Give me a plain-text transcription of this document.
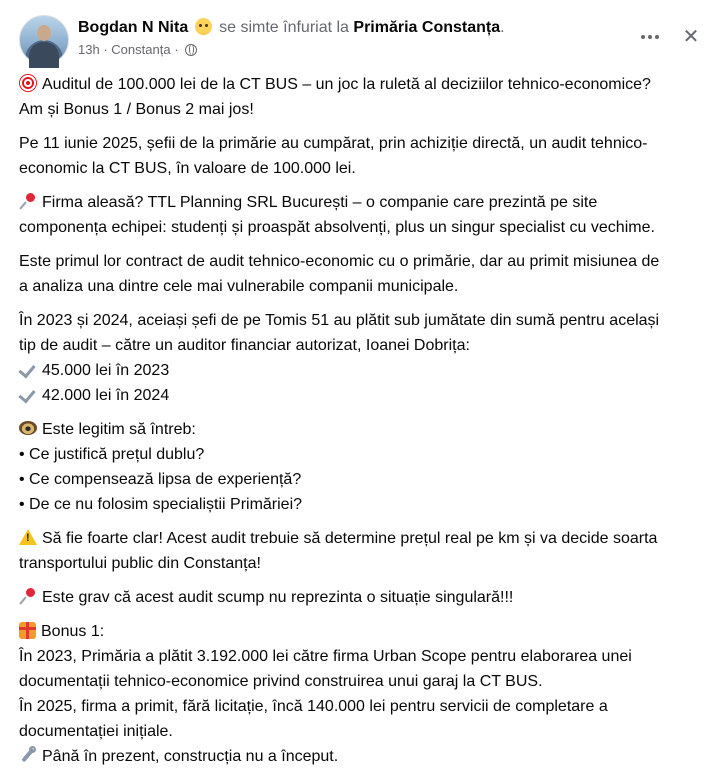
Bogdan N Nita se simte înfuriat la Primăria Constanța.
13h · Constanța ·
✕
Auditul de 100.000 lei de la CT BUS – un joc la ruletă al deciziilor tehnico-economice?
Am și Bonus 1 / Bonus 2 mai jos!
Pe 11 iunie 2025, șefii de la primărie au cumpărat, prin achiziție directă, un audit tehnico-
economic la CT BUS, în valoare de 100.000 lei.
Firma aleasă? TTL Planning SRL București – o companie care prezintă pe site
componența echipei: studenți și proaspăt absolvenți, plus un singur specialist cu vechime.
Este primul lor contract de audit tehnico-economic cu o primărie, dar au primit misiunea de
a analiza una dintre cele mai vulnerabile companii municipale.
În 2023 și 2024, aceiași șefi de pe Tomis 51 au plătit sub jumătate din sumă pentru același
tip de audit – către un auditor financiar autorizat, Ioanei Dobrița:
45.000 lei în 2023
42.000 lei în 2024
Este legitim să întreb:
• Ce justifică prețul dublu?
• Ce compensează lipsa de experiență?
• De ce nu folosim specialiștii Primăriei?
!Să fie foarte clar! Acest audit trebuie să determine prețul real pe km și va decide soarta
transportului public din Constanța!
Este grav că acest audit scump nu reprezinta o situație singulară!!!
Bonus 1:
În 2023, Primăria a plătit 3.192.000 lei către firma Urban Scope pentru elaborarea unei
documentații tehnico-economice privind construirea unui garaj la CT BUS.
În 2025, firma a primit, fără licitație, încă 140.000 lei pentru servicii de completare a
documentației inițiale.
Până în prezent, construcția nu a început.
